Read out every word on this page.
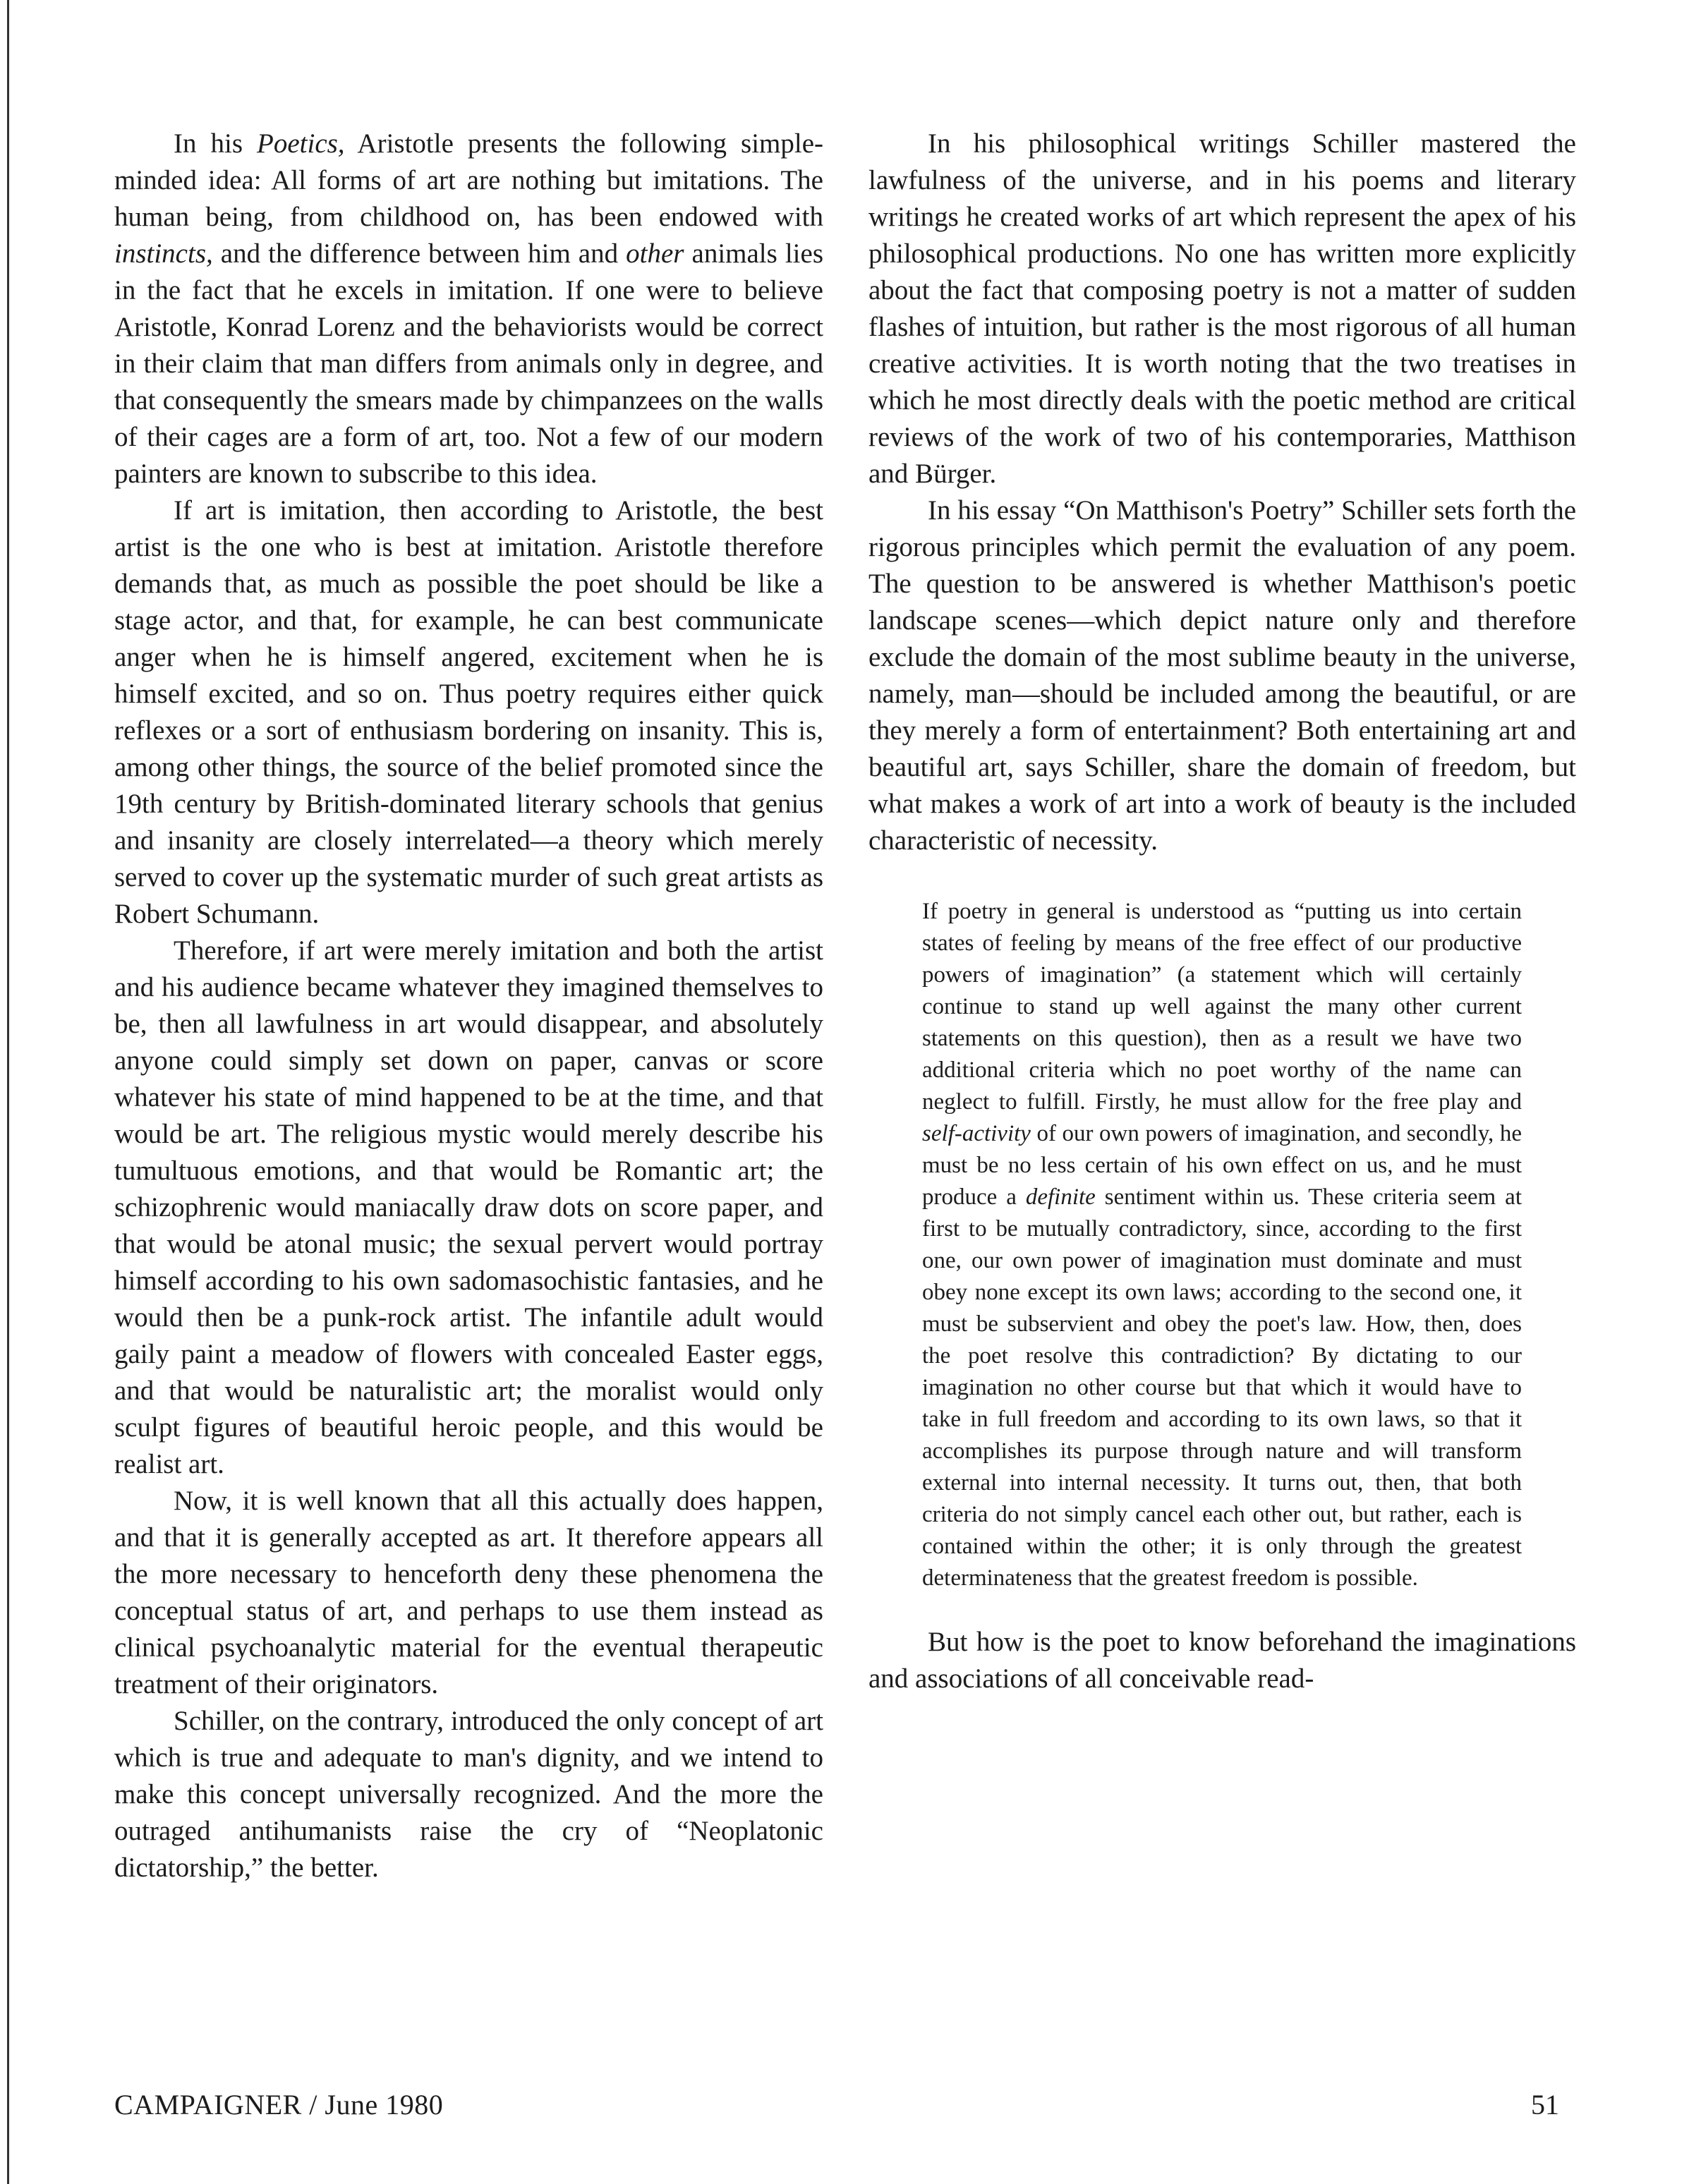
In his Poetics, Aristotle presents the following simple-minded idea: All forms of art are nothing but imitations. The human being, from childhood on, has been endowed with instincts, and the difference between him and other animals lies in the fact that he excels in imitation. If one were to believe Aristotle, Konrad Lorenz and the behaviorists would be correct in their claim that man differs from animals only in degree, and that consequently the smears made by chimpanzees on the walls of their cages are a form of art, too. Not a few of our modern painters are known to subscribe to this idea.

If art is imitation, then according to Aristotle, the best artist is the one who is best at imitation. Aristotle therefore demands that, as much as possible the poet should be like a stage actor, and that, for example, he can best communicate anger when he is himself angered, excitement when he is himself excited, and so on. Thus poetry requires either quick reflexes or a sort of enthusiasm bordering on insanity. This is, among other things, the source of the belief promoted since the 19th century by British-dominated literary schools that genius and insanity are closely interrelated—a theory which merely served to cover up the systematic murder of such great artists as Robert Schumann.

Therefore, if art were merely imitation and both the artist and his audience became whatever they imagined themselves to be, then all lawfulness in art would disappear, and absolutely anyone could simply set down on paper, canvas or score whatever his state of mind happened to be at the time, and that would be art. The religious mystic would merely describe his tumultuous emotions, and that would be Romantic art; the schizophrenic would maniacally draw dots on score paper, and that would be atonal music; the sexual pervert would portray himself according to his own sadomasochistic fantasies, and he would then be a punk-rock artist. The infantile adult would gaily paint a meadow of flowers with concealed Easter eggs, and that would be naturalistic art; the moralist would only sculpt figures of beautiful heroic people, and this would be realist art.

Now, it is well known that all this actually does happen, and that it is generally accepted as art. It therefore appears all the more necessary to henceforth deny these phenomena the conceptual status of art, and perhaps to use them instead as clinical psychoanalytic material for the eventual therapeutic treatment of their originators.

Schiller, on the contrary, introduced the only concept of art which is true and adequate to man's dignity, and we intend to make this concept universally recognized. And the more the outraged antihumanists raise the cry of “Neoplatonic dictatorship,” the better.

In his philosophical writings Schiller mastered the lawfulness of the universe, and in his poems and literary writings he created works of art which represent the apex of his philosophical productions. No one has written more explicitly about the fact that composing poetry is not a matter of sudden flashes of intuition, but rather is the most rigorous of all human creative activities. It is worth noting that the two treatises in which he most directly deals with the poetic method are critical reviews of the work of two of his contemporaries, Matthison and Bürger.

In his essay “On Matthison's Poetry” Schiller sets forth the rigorous principles which permit the evaluation of any poem. The question to be answered is whether Matthison's poetic landscape scenes—which depict nature only and therefore exclude the domain of the most sublime beauty in the universe, namely, man—should be included among the beautiful, or are they merely a form of entertainment? Both entertaining art and beautiful art, says Schiller, share the domain of freedom, but what makes a work of art into a work of beauty is the included characteristic of necessity.

If poetry in general is understood as “putting us into certain states of feeling by means of the free effect of our productive powers of imagination” (a statement which will certainly continue to stand up well against the many other current statements on this question), then as a result we have two additional criteria which no poet worthy of the name can neglect to fulfill. Firstly, he must allow for the free play and self-activity of our own powers of imagination, and secondly, he must be no less certain of his own effect on us, and he must produce a definite sentiment within us. These criteria seem at first to be mutually contradictory, since, according to the first one, our own power of imagination must dominate and must obey none except its own laws; according to the second one, it must be subservient and obey the poet's law. How, then, does the poet resolve this contradiction? By dictating to our imagination no other course but that which it would have to take in full freedom and according to its own laws, so that it accomplishes its purpose through nature and will transform external into internal necessity. It turns out, then, that both criteria do not simply cancel each other out, but rather, each is contained within the other; it is only through the greatest determinateness that the greatest freedom is possible.

But how is the poet to know beforehand the imaginations and associations of all conceivable read-

CAMPAIGNER / June 1980	51
